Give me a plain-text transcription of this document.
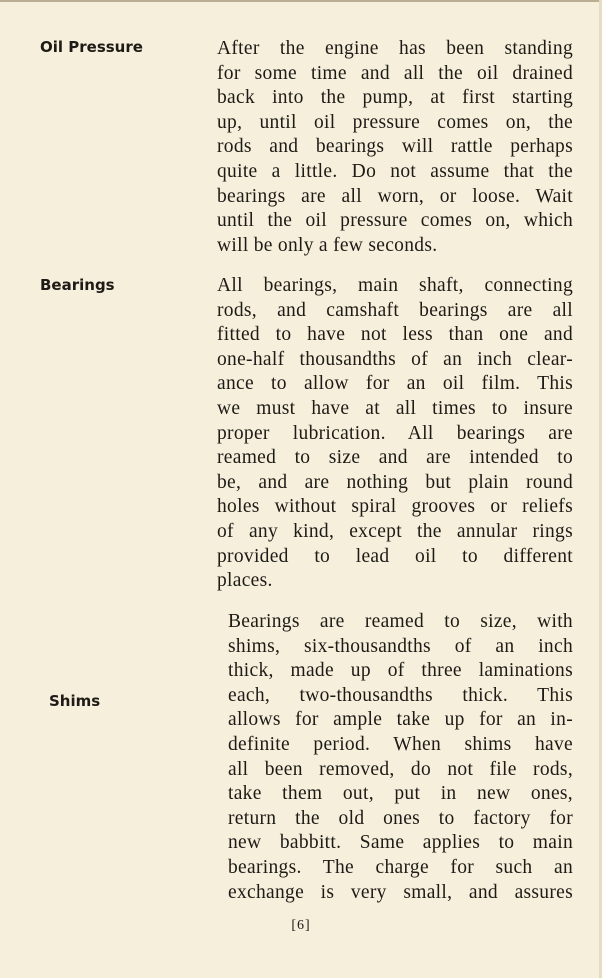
Oil Pressure	After the engine has been standing
for some time and all the oil drained
back into the pump, at first starting
up, until oil pressure comes on, the
rods and bearings will rattle perhaps
quite a little. Do not assume that the
bearings are all worn, or loose. Wait
until the oil pressure comes on, which
will be only a few seconds.
Bearings	All bearings, main shaft, connecting
rods, and camshaft bearings are all
fitted to have not less than one and
one-half thousandths of an inch clear-
ance to allow for an oil film. This
we must have at all times to insure
proper lubrication. All bearings are
reamed to size and are intended to
be, and are nothing but plain round
holes without spiral grooves or reliefs
of any kind, except the annular rings
provided to lead oil to different
places.
Shims
Bearings are reamed to size, with
shims, six-thousandths of an inch
thick, made up of three laminations
each, two-thousandths thick. This
allows for ample take up for an in-
definite period. When shims have
all been removed, do not file rods,
take them out, put in new ones,
return the old ones to factory for
new babbitt. Same applies to main
bearings. The charge for such an
exchange is very small, and assures
[6]
